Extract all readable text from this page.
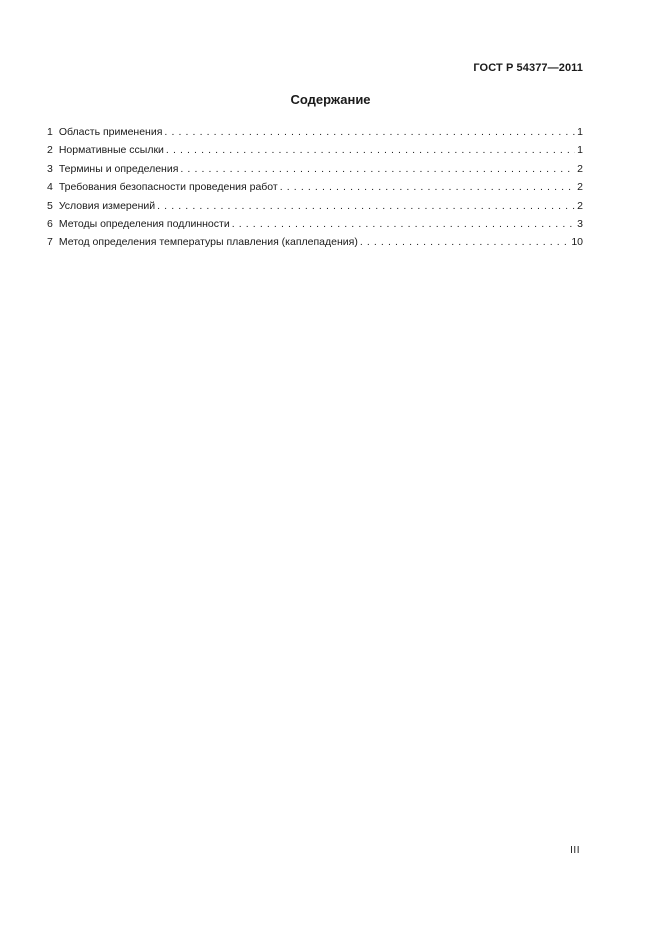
ГОСТ Р 54377—2011
Содержание
1 Область применения . . .	1
2 Нормативные ссылки . . .	1
3 Термины и определения . . .	2
4 Требования безопасности проведения работ . . .	2
5 Условия измерений . . .	2
6 Методы определения подлинности . . .	3
7 Метод определения температуры плавления (каплепадения) . . .	10
III
